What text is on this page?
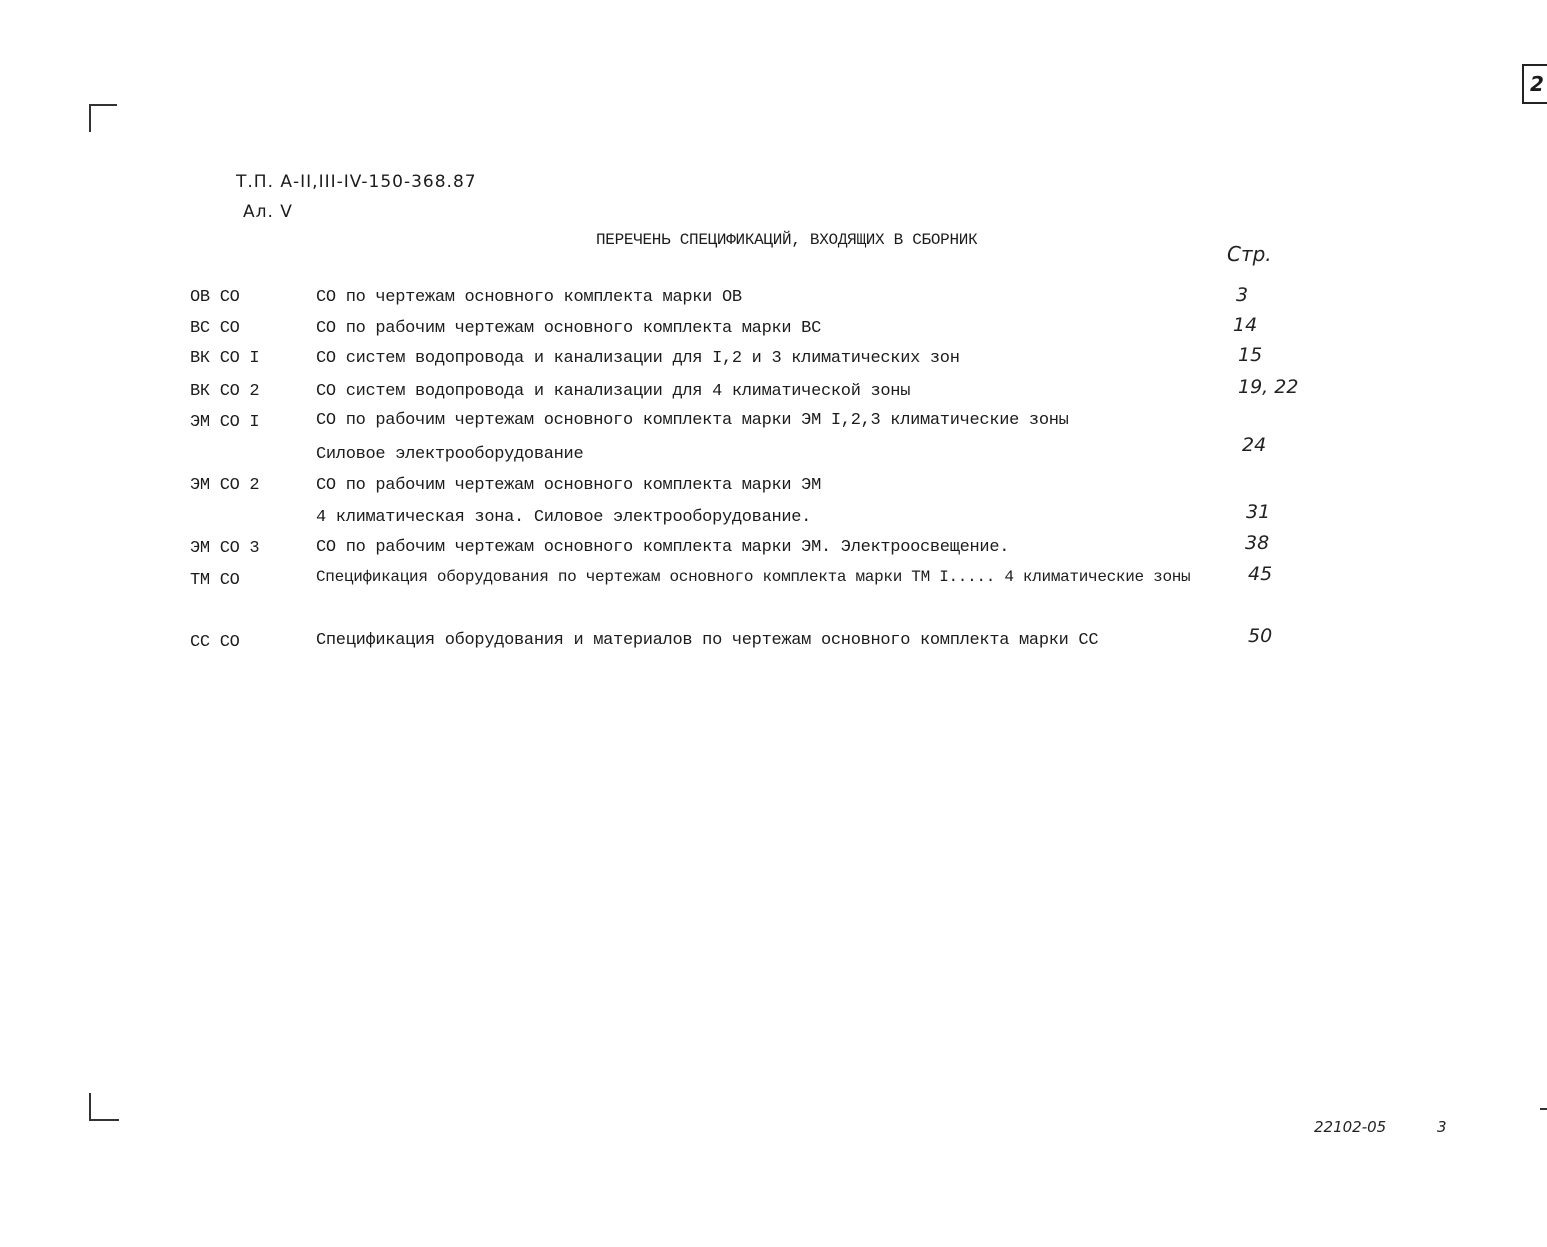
2
Т.П. А-II,III-IV-150-368.87
Ал. V
ПЕРЕЧЕНЬ СПЕЦИФИКАЦИЙ, ВХОДЯЩИХ В СБОРНИК
Стр.
ОВ СО	СО по чертежам основного комплекта марки ОВ	3
ВС СО	СО по рабочим чертежам основного комплекта марки ВС	14
ВК СО I	СО систем водопровода и канализации для I,2 и 3 климатических зон	15
ВК СО 2	СО систем водопровода и канализации для 4 климатической зоны	19, 22
ЭМ СО I	СО по рабочим чертежам основного комплекта марки ЭМ I,2,3 климатические зоны
Силовое электрооборудование	24
ЭМ СО 2	СО по рабочим чертежам основного комплекта марки ЭМ
4 климатическая зона. Силовое электрооборудование.	31
ЭМ СО 3	СО по рабочим чертежам основного комплекта марки ЭМ. Электроосвещение.	38
ТМ СО	Спецификация оборудования по чертежам основного комплекта марки ТМ I..... 4 климатические зоны	45
СС СО	Спецификация оборудования и материалов по чертежам основного комплекта марки СС	50
22102-05	3
